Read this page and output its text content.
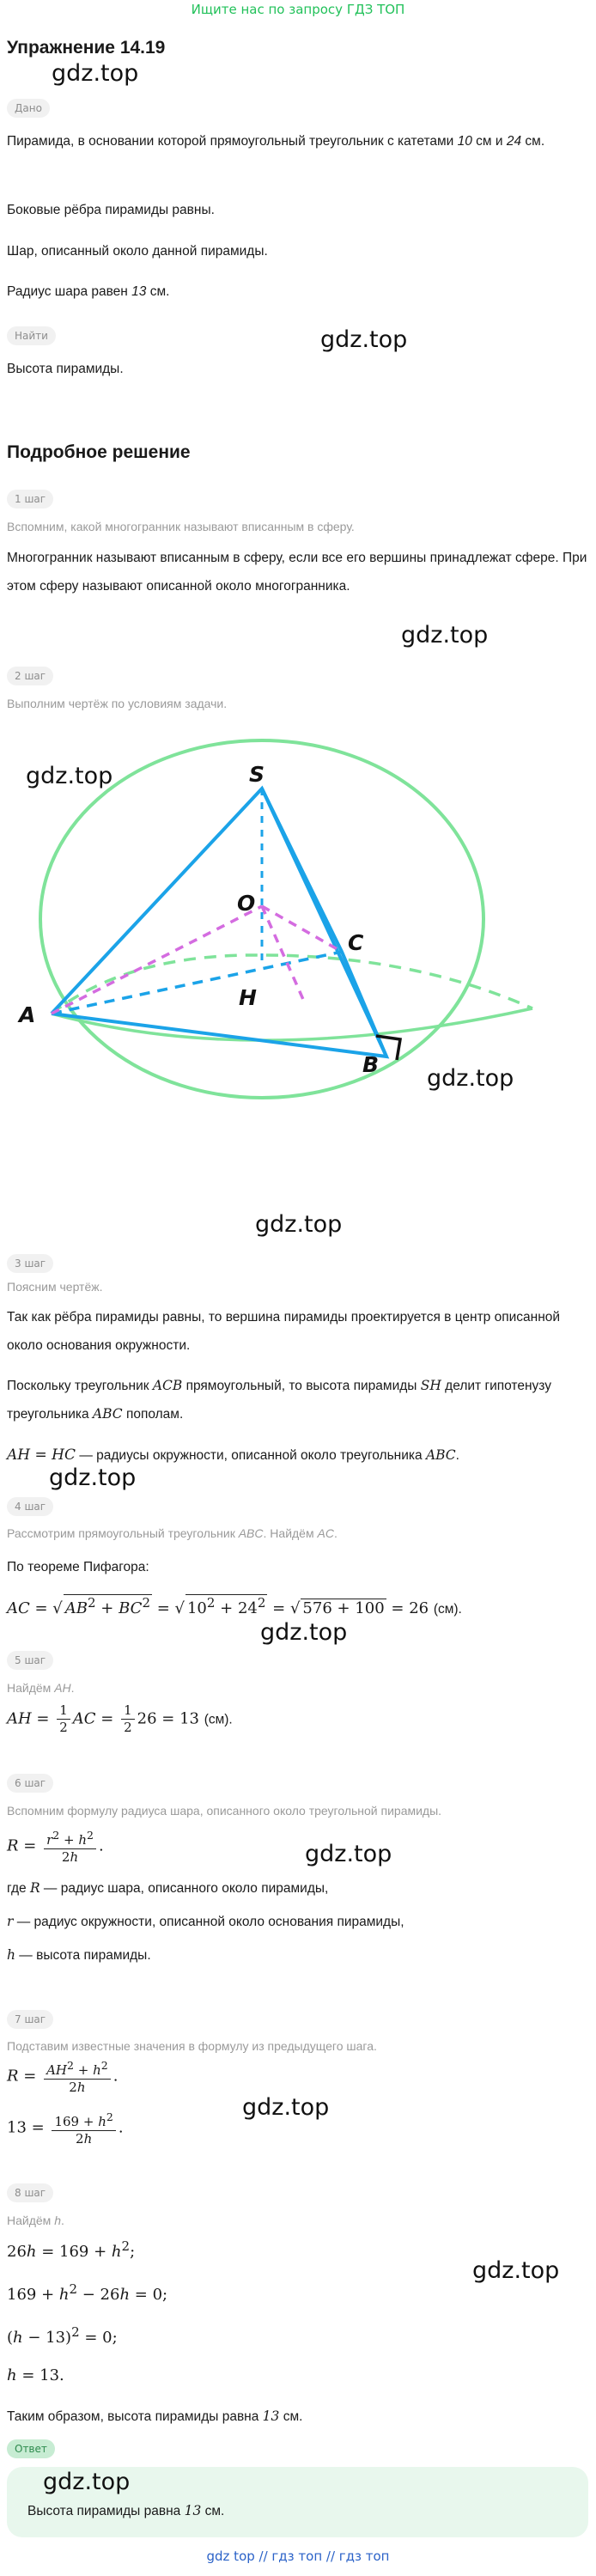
Ищите нас по запросу ГДЗ ТОП
Упражнение 14.19
gdz.top
Дано
Пирамида, в основании которой прямоугольный треугольник с катетами 10 см и 24 см.
Боковые рёбра пирамиды равны.
Шар, описанный около данной пирамиды.
Радиус шара равен 13 см.
Найти	gdz.top
Высота пирамиды.
Подробное решение
1 шаг
Вспомним, какой многогранник называют вписанным в сферу.
Многогранник называют вписанным в сферу, если все его вершины принадлежат сфере. При этом сферу называют описанной около многогранника.
gdz.top
2 шаг
Выполним чертёж по условиям задачи.
gdz.top	S
O
C
H
A
B
gdz.top
gdz.top
3 шаг
Поясним чертёж.
Так как рёбра пирамиды равны, то вершина пирамиды проектируется в центр описанной около основания окружности.
Поскольку треугольник ACB прямоугольный, то высота пирамиды SH делит гипотенузу треугольника ABC пополам.
AH = HC — радиусы окружности, описанной около треугольника ABC.
gdz.top
4 шаг
Рассмотрим прямоугольный треугольник ABC. Найдём AC.
По теореме Пифагора:
AC = √ $AB^2 + BC^2$ = √ $10^2 + 24^2$ = √ 576 + 100 = 26 (см).
gdz.top
5 шаг
Найдём AH.
AH = $\frac{1}{2}$ AC = $\frac{1}{2} 26 = 13$ (см).
6 шаг
Вспомним формулу радиуса шара, описанного около треугольной пирамиды.
$R = \frac{r^2 + h^2}{2h}$ .	gdz.top
где R — радиус шара, описанного около пирамиды,
r — радиус окружности, описанной около основания пирамиды,
h — высота пирамиды.
7 шаг
Подставим известные значения в формулу из предыдущего шага.
$R = \frac{AH^2 + h^2}{2h}$ .
gdz.top
$13 = \frac{169 + h^2}{2h}$ .
8 шаг
Найдём h.
$26h = 169 + h^2$;
$169 + h^2 - 26h = 0$;
gdz.top
$(h - 13)^2 = 0$;
h = 13.
Таким образом, высота пирамиды равна 13 см.
Ответ
gdz.top
Высота пирамиды равна 13 см.
gdz top // гдз топ // гдз топ
